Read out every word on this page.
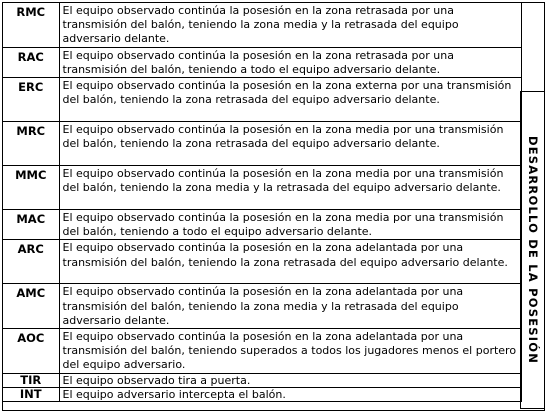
RMC	El equipo observado continúa la posesión en la zona retrasada por una transmisión del balón, teniendo la zona media y la retrasada del equipo adversario delante.
RAC	El equipo observado continúa la posesión en la zona retrasada por una transmisión del balón, teniendo a todo el equipo adversario delante.
ERC	El equipo observado continúa la posesión en la zona externa por una transmisión del balón, teniendo la zona retrasada del equipo adversario delante.
MRC	El equipo observado continúa la posesión en la zona media por una transmisión del balón, teniendo la zona retrasada del equipo adversario delante.
MMC	El equipo observado continúa la posesión en la zona media por una transmisión del balón, teniendo la zona media y la retrasada del equipo adversario delante.
MAC	El equipo observado continúa la posesión en la zona media por una transmisión del balón, teniendo a todo el equipo adversario delante.
ARC	El equipo observado continúa la posesión en la zona adelantada por una transmisión del balón, teniendo la zona retrasada del equipo adversario delante.
AMC	El equipo observado continúa la posesión en la zona adelantada por una transmisión del balón, teniendo la zona media y la retrasada del equipo adversario delante.
AOC	El equipo observado continúa la posesión en la zona adelantada por una transmisión del balón, teniendo superados a todos los jugadores menos el portero del equipo adversario.
TIR	El equipo observado tira a puerta.
INT	El equipo adversario intercepta el balón.
DESARROLLO DE LA POSESIÓN
